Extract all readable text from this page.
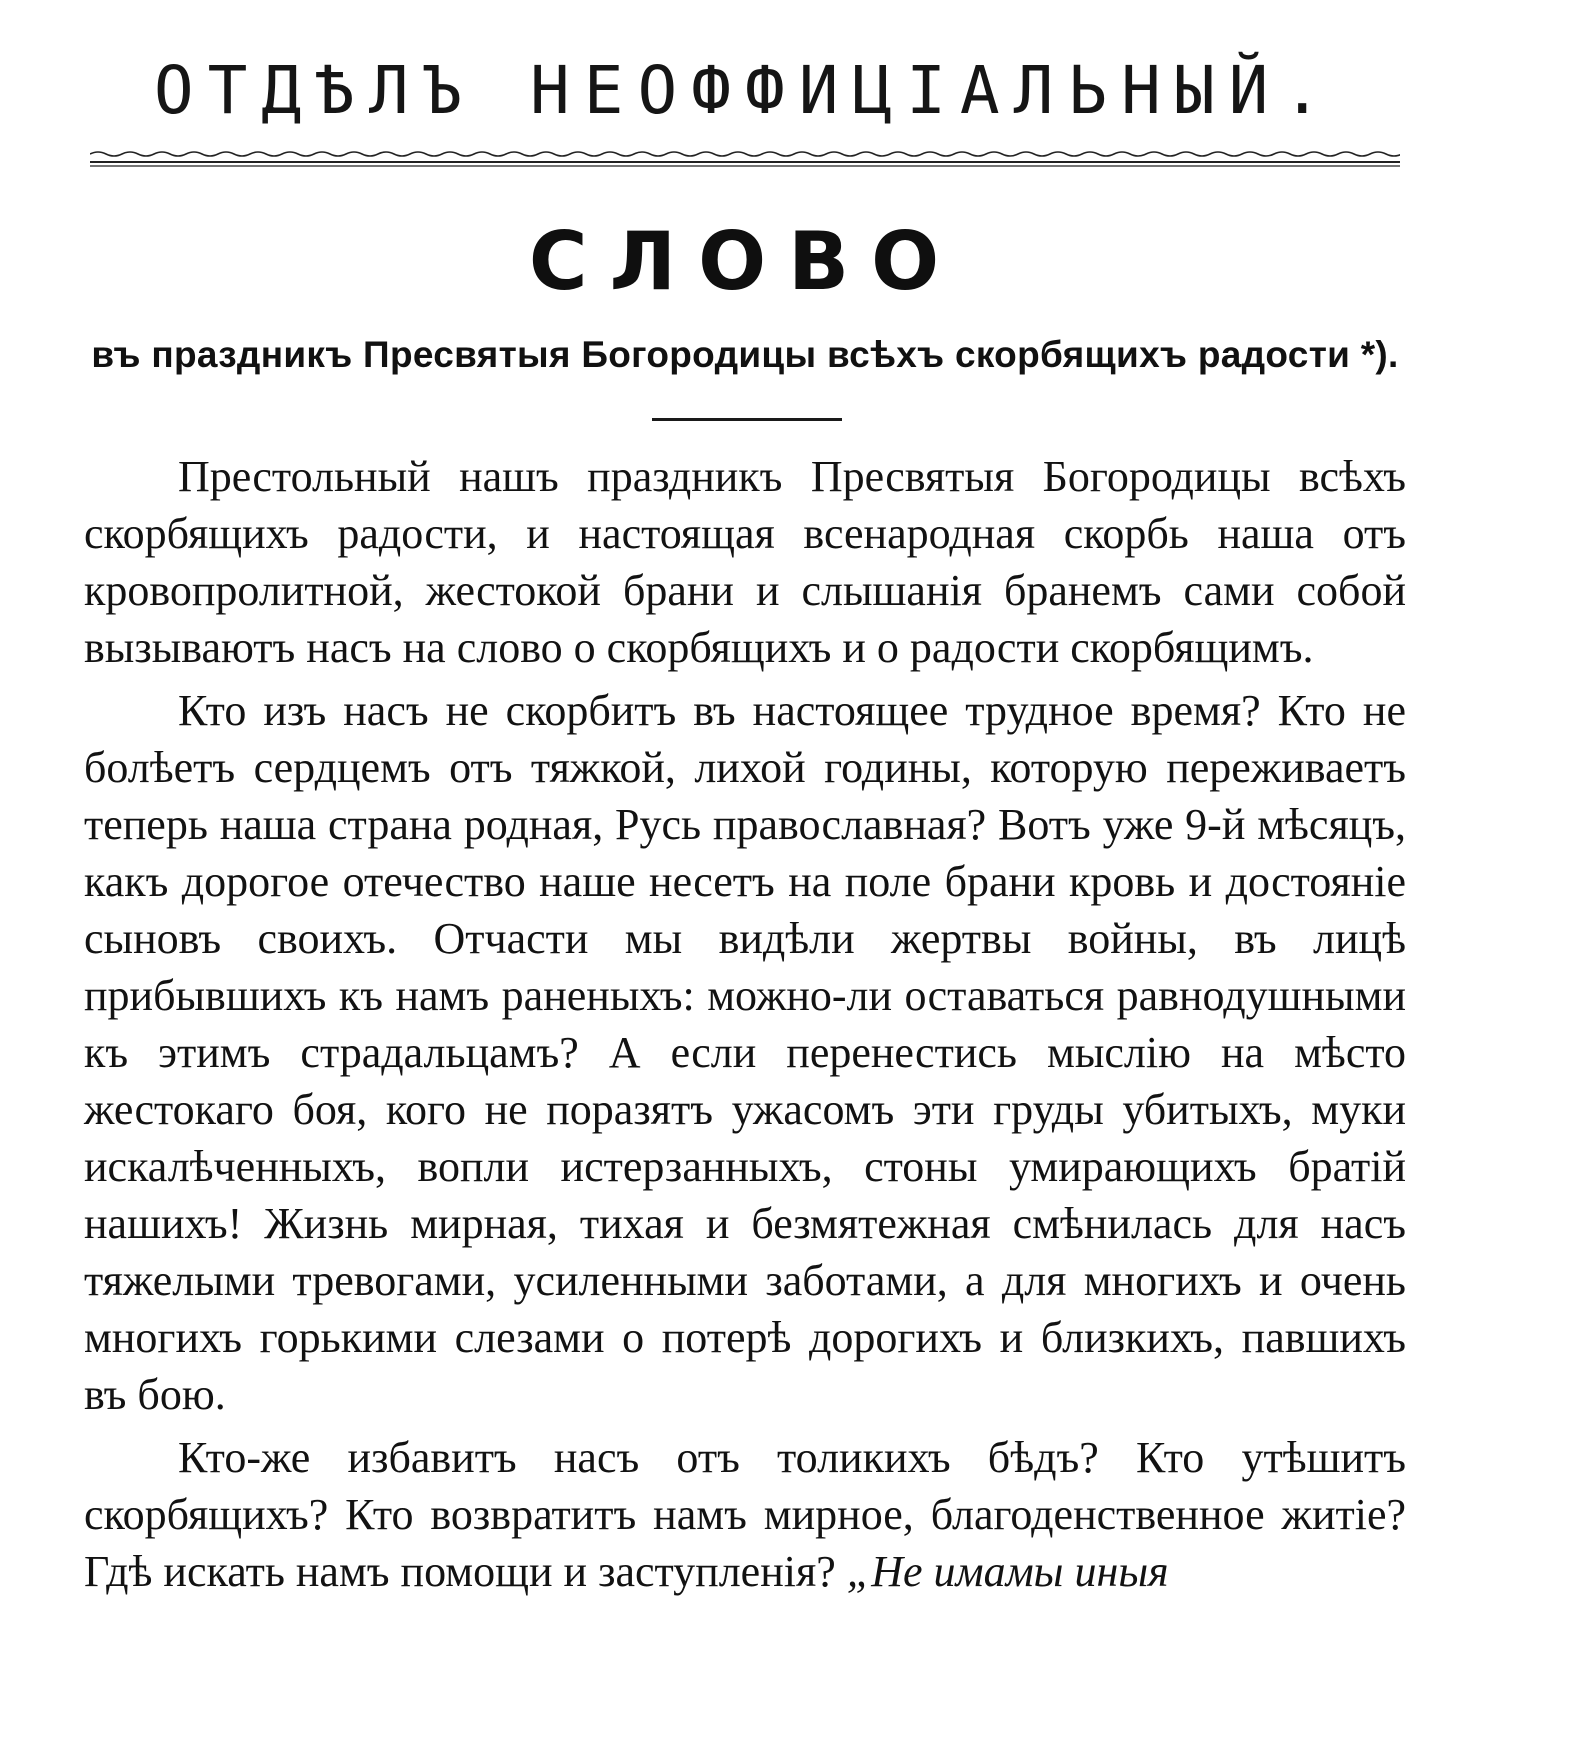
ОТДѢЛЪ НЕОФФИЦІАЛЬНЫЙ.
СЛОВО
въ праздникъ Пресвятыя Богородицы всѣхъ скорбящихъ радости *).

Престольный нашъ праздникъ Пресвятыя Богородицы всѣхъ скорбящихъ радости, и настоящая всенародная скорбь наша отъ кровопролитной, жестокой брани и слышанія бранемъ сами собой вызываютъ насъ на слово о скорбящихъ и о радости скорбящимъ.

Кто изъ насъ не скорбитъ въ настоящее трудное время? Кто не болѣетъ сердцемъ отъ тяжкой, лихой годины, которую переживаетъ теперь наша страна родная, Русь православная? Вотъ уже 9-й мѣсяцъ, какъ дорогое отечество наше несетъ на поле брани кровь и достояніе сыновъ своихъ. Отчасти мы видѣли жертвы войны, въ лицѣ прибывшихъ къ намъ раненыхъ: можно-ли оставаться равнодушными къ этимъ страдальцамъ? А если перенестись мыслію на мѣсто жестокаго боя, кого не поразятъ ужасомъ эти груды убитыхъ, муки искалѣченныхъ, вопли истерзанныхъ, стоны умирающихъ братій нашихъ! Жизнь мирная, тихая и безмятежная смѣнилась для насъ тяжелыми тревогами, усиленными заботами, а для многихъ и очень многихъ горькими слезами о потерѣ дорогихъ и близкихъ, павшихъ въ бою.

Кто-же избавитъ насъ отъ толикихъ бѣдъ? Кто утѣшитъ скорбящихъ? Кто возвратитъ намъ мирное, благоденственное житіе? Гдѣ искать намъ помощи и заступленія? „Не имамы иныя
